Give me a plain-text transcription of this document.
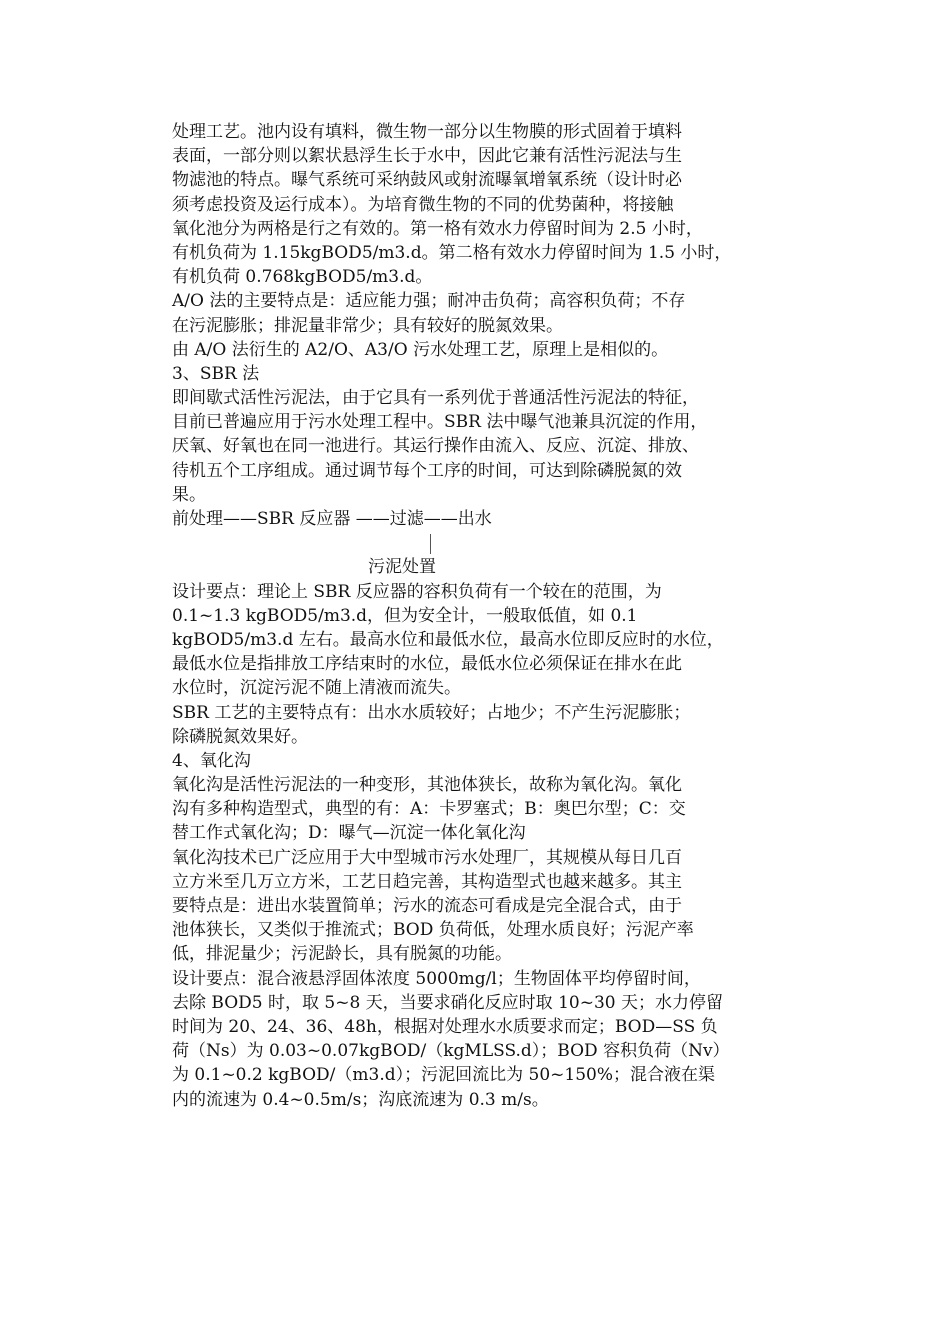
处理工艺。池内设有填料，微生物一部分以生物膜的形式固着于填料
表面，一部分则以絮状悬浮生长于水中，因此它兼有活性污泥法与生
物滤池的特点。曝气系统可采纳鼓风或射流曝氧增氧系统（设计时必
须考虑投资及运行成本）。为培育微生物的不同的优势菌种，将接触
氧化池分为两格是行之有效的。第一格有效水力停留时间为 2.5 小时，
有机负荷为 1.15kgBOD5/m3.d。第二格有效水力停留时间为 1.5 小时，
有机负荷 0.768kgBOD5/m3.d。
A/O 法的主要特点是：适应能力强；耐冲击负荷；高容积负荷；不存
在污泥膨胀；排泥量非常少；具有较好的脱氮效果。
由 A/O 法衍生的 A2/O、A3/O 污水处理工艺，原理上是相似的。
3、SBR 法
即间歇式活性污泥法，由于它具有一系列优于普通活性污泥法的特征，
目前已普遍应用于污水处理工程中。SBR 法中曝气池兼具沉淀的作用，
厌氧、好氧也在同一池进行。其运行操作由流入、反应、沉淀、排放、
待机五个工序组成。通过调节每个工序的时间，可达到除磷脱氮的效
果。
前处理——SBR 反应器 ——过滤——出水
污泥处置
设计要点：理论上 SBR 反应器的容积负荷有一个较在的范围，为
0.1~1.3 kgBOD5/m3.d，但为安全计，一般取低值，如 0.1
kgBOD5/m3.d 左右。最高水位和最低水位，最高水位即反应时的水位，
最低水位是指排放工序结束时的水位，最低水位必须保证在排水在此
水位时，沉淀污泥不随上清液而流失。
SBR 工艺的主要特点有：出水水质较好；占地少；不产生污泥膨胀；
除磷脱氮效果好。
4、氧化沟
氧化沟是活性污泥法的一种变形，其池体狭长，故称为氧化沟。氧化
沟有多种构造型式，典型的有：A：卡罗塞式；B：奥巴尔型；C：交
替工作式氧化沟；D：曝气—沉淀一体化氧化沟
氧化沟技术已广泛应用于大中型城市污水处理厂，其规模从每日几百
立方米至几万立方米，工艺日趋完善，其构造型式也越来越多。其主
要特点是：进出水装置简单；污水的流态可看成是完全混合式，由于
池体狭长，又类似于推流式；BOD 负荷低，处理水质良好；污泥产率
低，排泥量少；污泥龄长，具有脱氮的功能。
设计要点：混合液悬浮固体浓度 5000mg/l；生物固体平均停留时间，
去除 BOD5 时，取 5~8 天，当要求硝化反应时取 10~30 天；水力停留
时间为 20、24、36、48h，根据对处理水水质要求而定；BOD—SS 负
荷（Ns）为 0.03~0.07kgBOD/（kgMLSS.d）；BOD 容积负荷（Nv）
为 0.1~0.2 kgBOD/（m3.d）；污泥回流比为 50~150%；混合液在渠
内的流速为 0.4~0.5m/s；沟底流速为 0.3 m/s。
